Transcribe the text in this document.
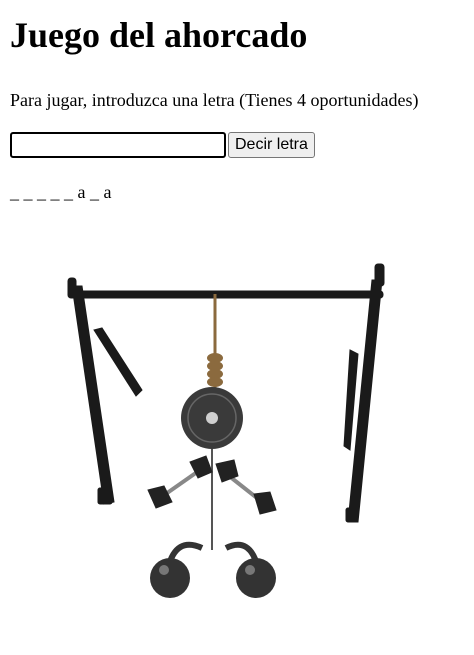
Juego del ahorcado

Para jugar, introduzca una letra (Tienes 4 oportunidades)

Decir letra

_ _ _ _ _ a _ a
